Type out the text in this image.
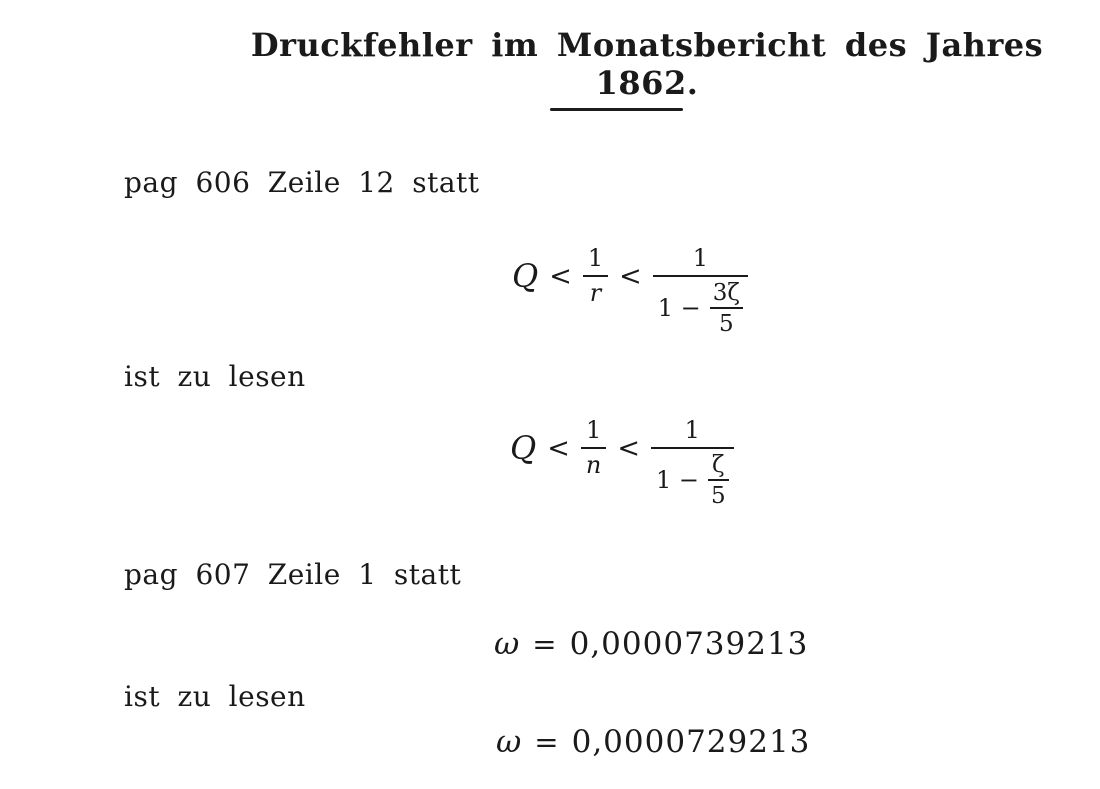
Druckfehler im Monatsbericht des Jahres 1862.

pag 606 Zeile 12 statt

$Q < \frac{1}{r} < \frac{1}{1 - \frac{3\zeta}{5}}$

ist zu lesen

$Q < \frac{1}{n} < \frac{1}{1 - \frac{\zeta}{5}}$

pag 607 Zeile 1 statt

ω = 0,0000739213

ist zu lesen

ω = 0,0000729213
